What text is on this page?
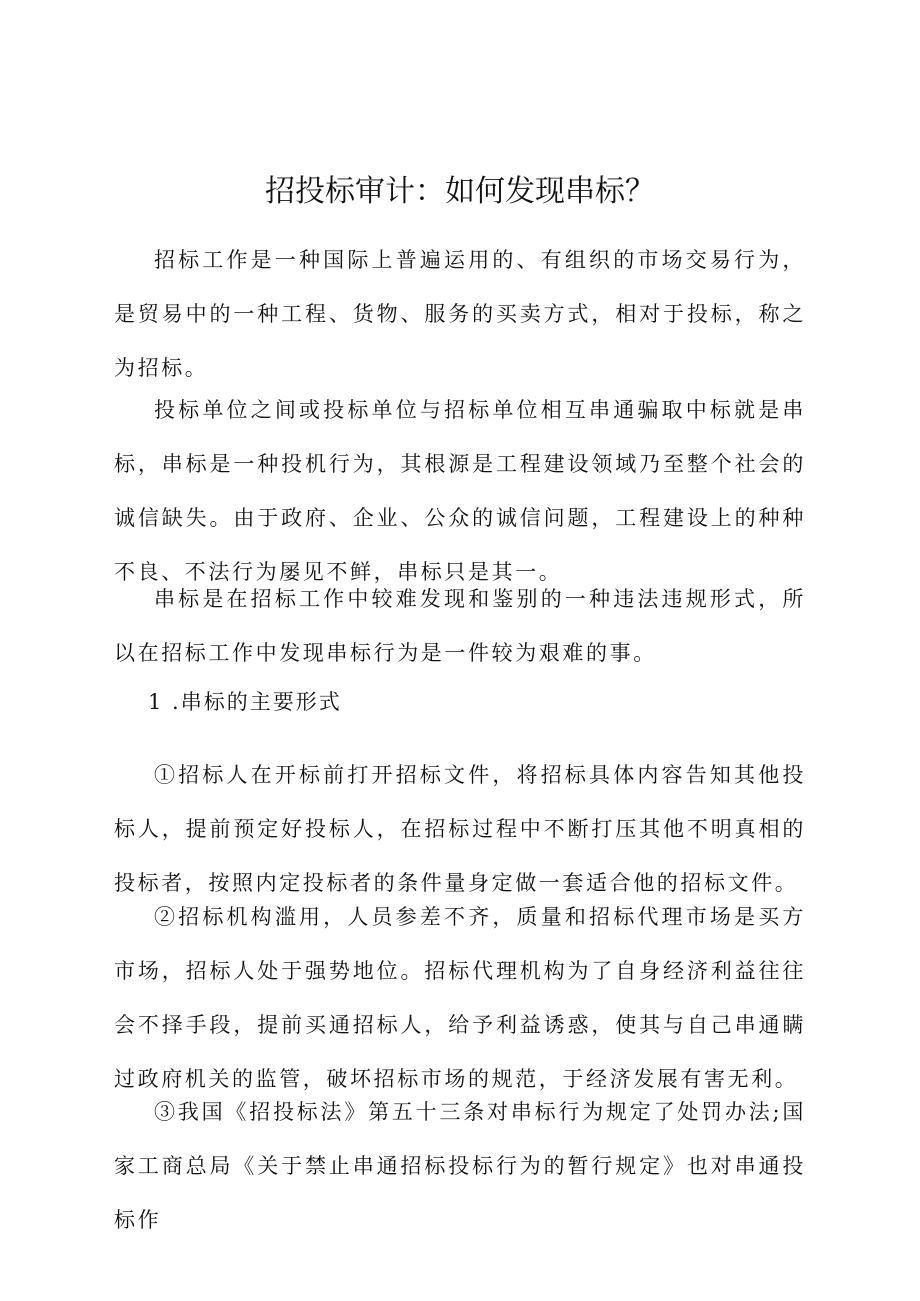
招投标审计：如何发现串标？

招标工作是一种国际上普遍运用的、有组织的市场交易行为，是贸易中的一种工程、货物、服务的买卖方式，相对于投标，称之为招标。

投标单位之间或投标单位与招标单位相互串通骗取中标就是串标，串标是一种投机行为，其根源是工程建设领域乃至整个社会的诚信缺失。由于政府、企业、公众的诚信问题，工程建设上的种种不良、不法行为屡见不鲜，串标只是其一。

串标是在招标工作中较难发现和鉴别的一种违法违规形式，所以在招标工作中发现串标行为是一件较为艰难的事。

1 .串标的主要形式

①招标人在开标前打开招标文件，将招标具体内容告知其他投标人，提前预定好投标人，在招标过程中不断打压其他不明真相的投标者，按照内定投标者的条件量身定做一套适合他的招标文件。

②招标机构滥用，人员参差不齐，质量和招标代理市场是买方市场，招标人处于强势地位。招标代理机构为了自身经济利益往往会不择手段，提前买通招标人，给予利益诱惑，使其与自己串通瞒过政府机关的监管，破坏招标市场的规范，于经济发展有害无利。

③我国《招投标法》第五十三条对串标行为规定了处罚办法;国家工商总局《关于禁止串通招标投标行为的暂行规定》也对串通投标作
